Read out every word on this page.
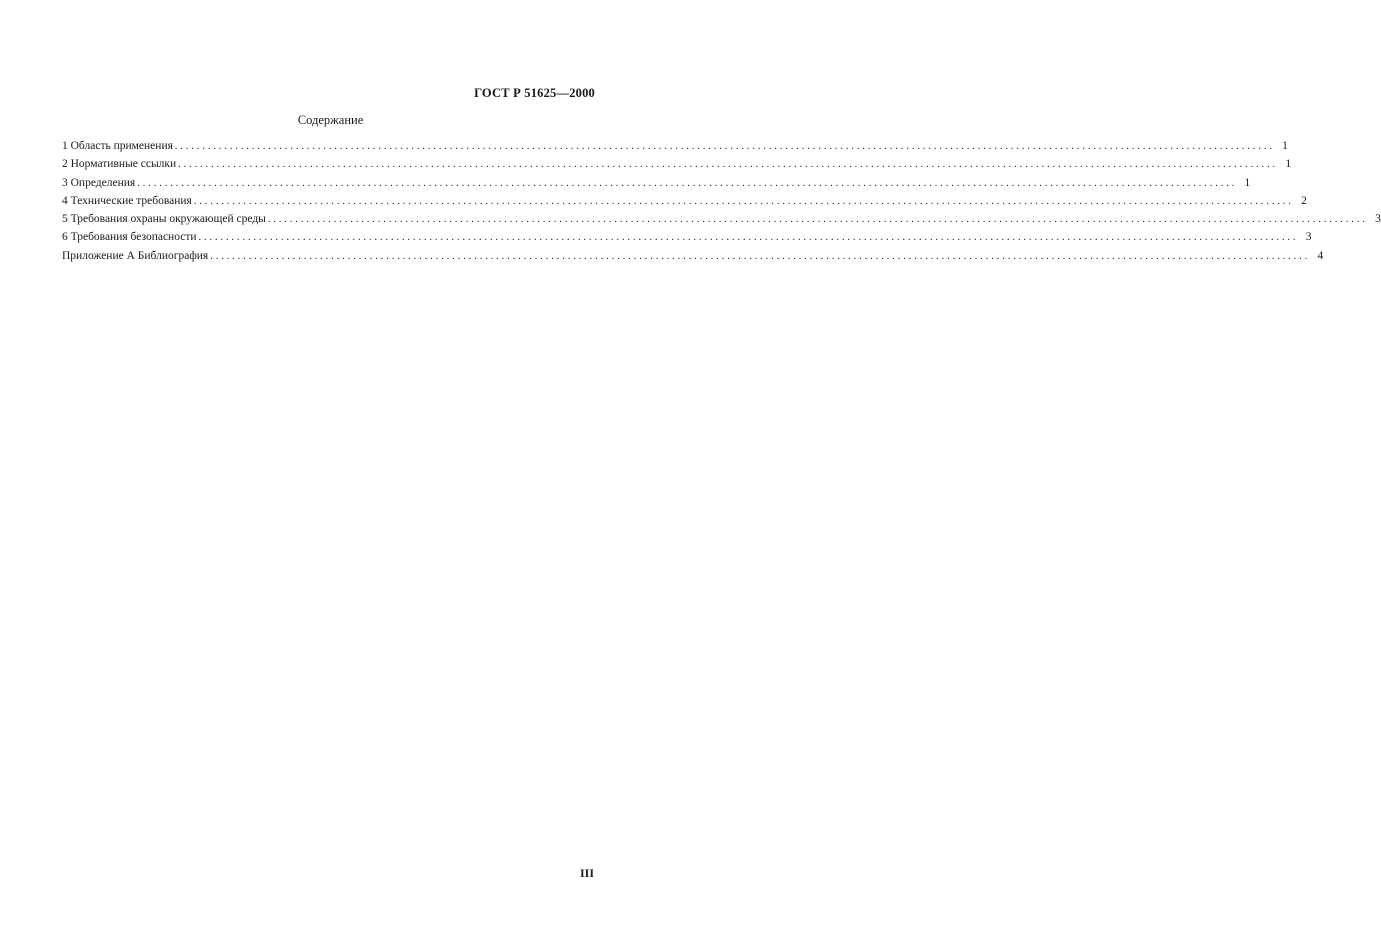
ГОСТ Р 51625—2000
Содержание
1 Область применения ........................................................................................................................................................................................................ 1
2 Нормативные ссылки ........................................................................................................................................................................................................ 1
3 Определения ........................................................................................................................................................................................................ 1
4 Технические требования ........................................................................................................................................................................................................ 2
5 Требования охраны окружающей среды ........................................................................................................................................................................................................ 3
6 Требования безопасности ........................................................................................................................................................................................................ 3
Приложение А Библиография ........................................................................................................................................................................................................ 4
III
